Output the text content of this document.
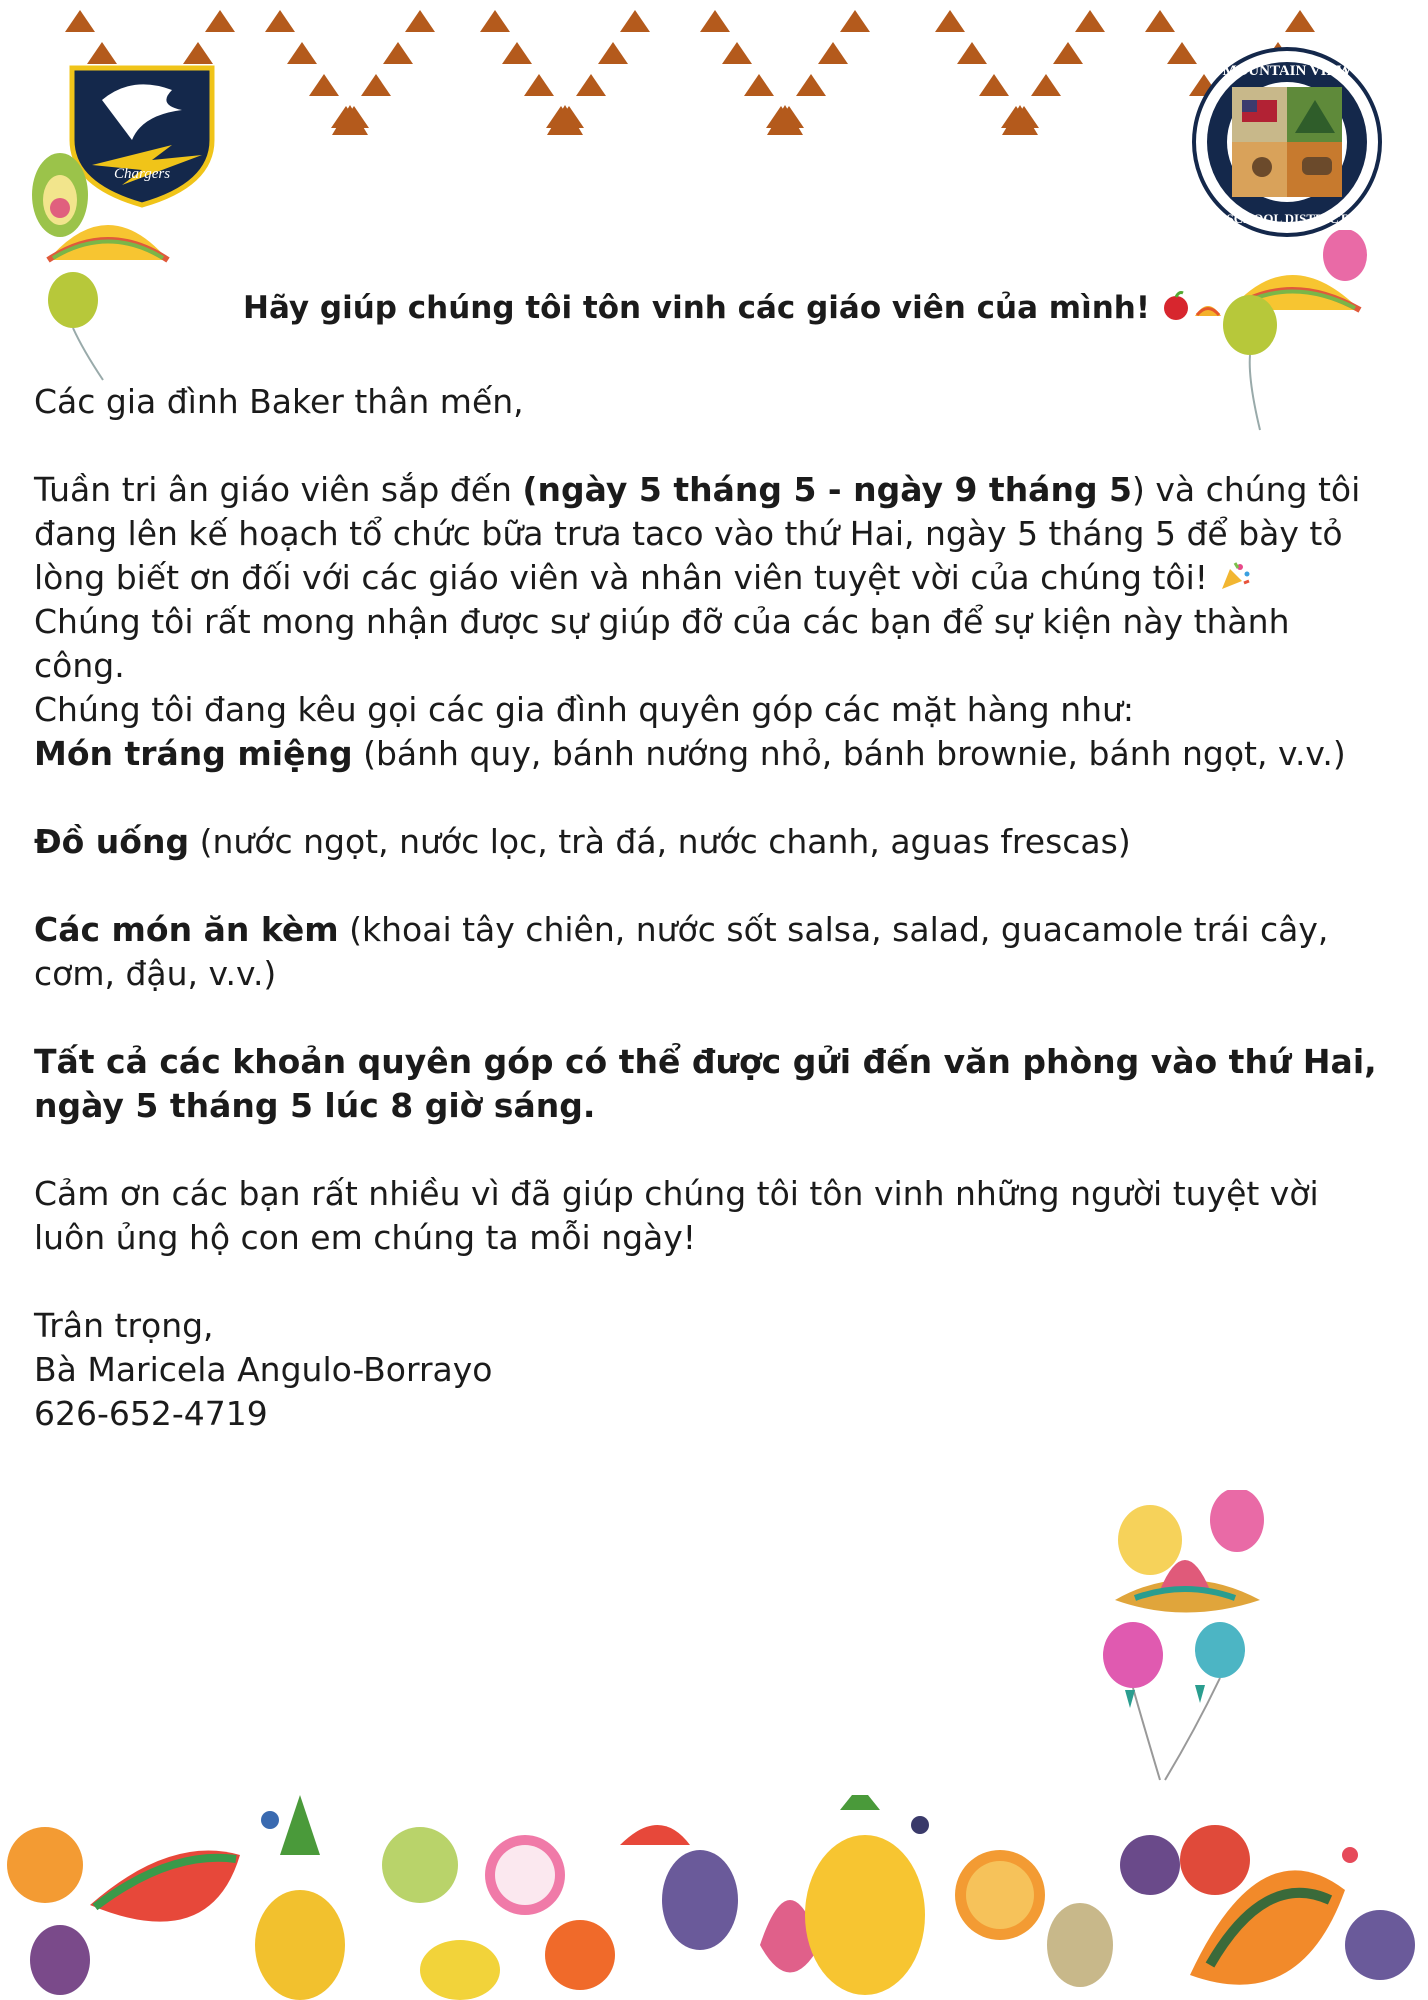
Chargers
MOUNTAIN VIEW
SCHOOL DISTRICT
Hãy giúp chúng tôi tôn vinh các giáo viên của mình!

Các gia đình Baker thân mến,

Tuần tri ân giáo viên sắp đến (ngày 5 tháng 5 - ngày 9 tháng 5) và chúng tôi đang lên kế hoạch tổ chức bữa trưa taco vào thứ Hai, ngày 5 tháng 5 để bày tỏ lòng biết ơn đối với các giáo viên và nhân viên tuyệt vời của chúng tôi!

Chúng tôi rất mong nhận được sự giúp đỡ của các bạn để sự kiện này thành công.

Chúng tôi đang kêu gọi các gia đình quyên góp các mặt hàng như:

Món tráng miệng (bánh quy, bánh nướng nhỏ, bánh brownie, bánh ngọt, v.v.)

Đồ uống (nước ngọt, nước lọc, trà đá, nước chanh, aguas frescas)

Các món ăn kèm (khoai tây chiên, nước sốt salsa, salad, guacamole trái cây, cơm, đậu, v.v.)

Tất cả các khoản quyên góp có thể được gửi đến văn phòng vào thứ Hai, ngày 5 tháng 5 lúc 8 giờ sáng.

Cảm ơn các bạn rất nhiều vì đã giúp chúng tôi tôn vinh những người tuyệt vời luôn ủng hộ con em chúng ta mỗi ngày!

Trân trọng,

Bà Maricela Angulo-Borrayo

626-652-4719
